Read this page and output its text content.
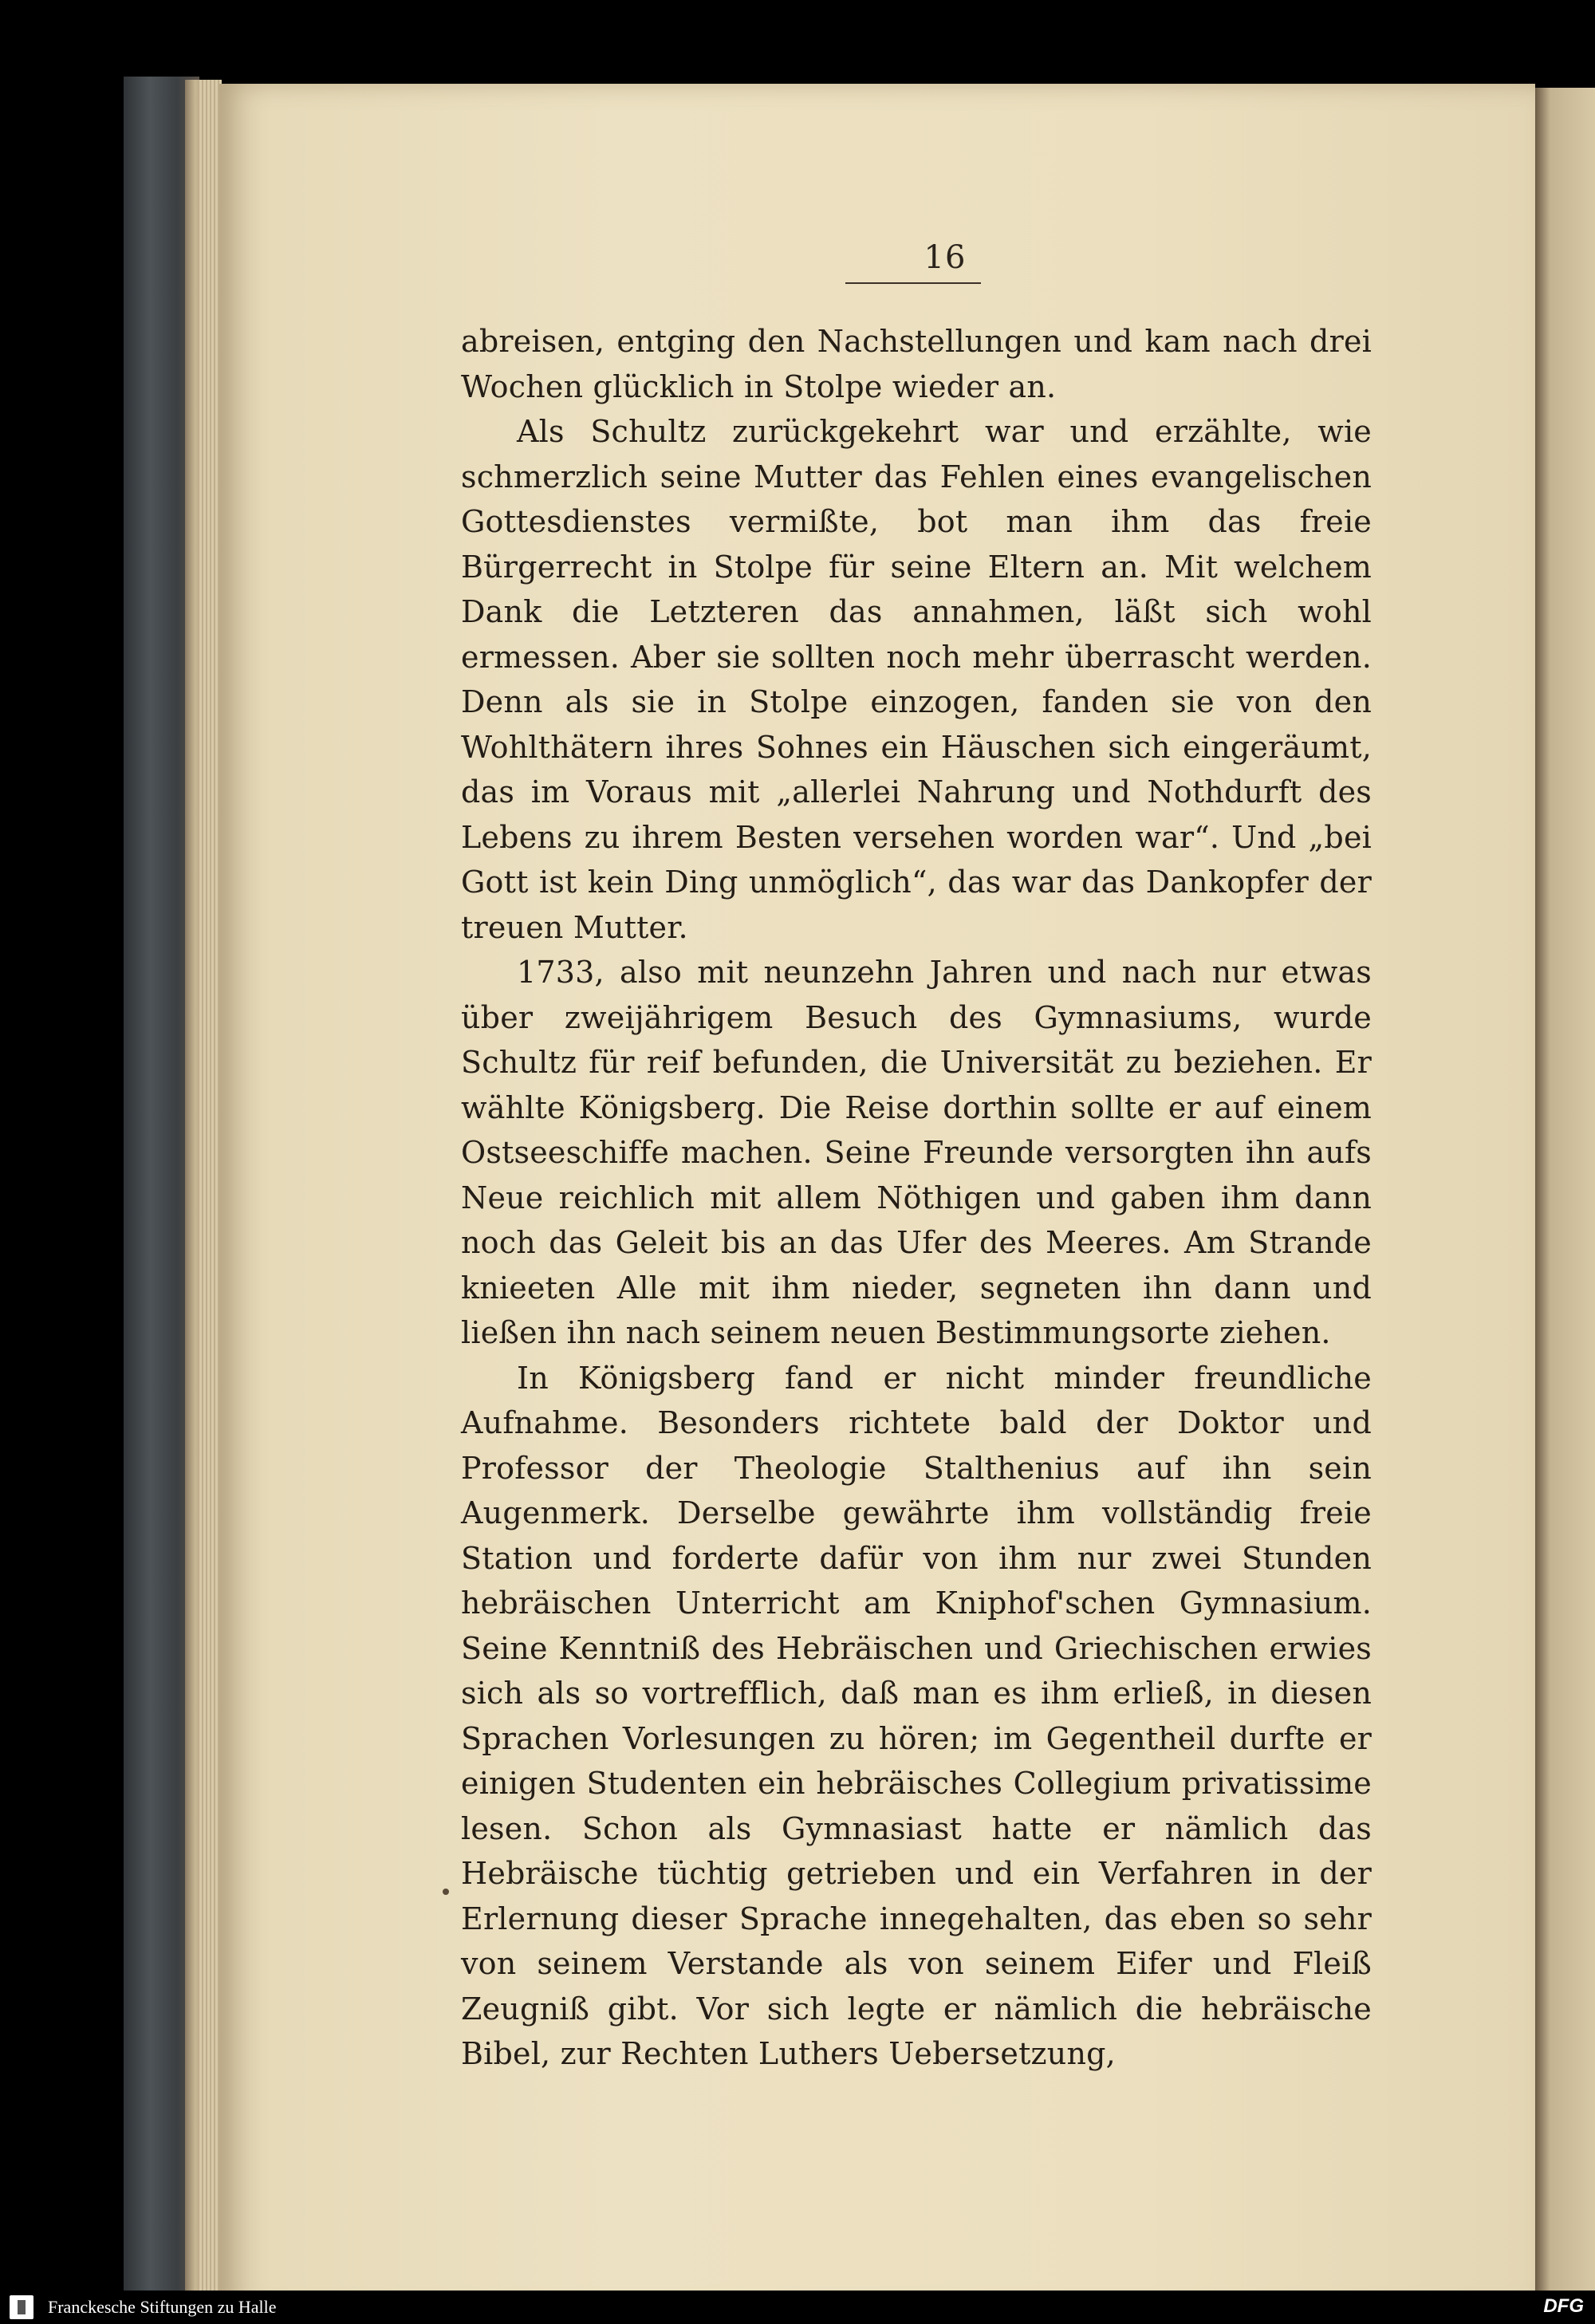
16

abreisen, entging den Nachstellungen und kam nach drei Wochen glücklich in Stolpe wieder an.

Als Schultz zurückgekehrt war und erzählte, wie schmerzlich seine Mutter das Fehlen eines evangelischen Gottesdienstes vermißte, bot man ihm das freie Bürgerrecht in Stolpe für seine Eltern an. Mit welchem Dank die Letzteren das annahmen, läßt sich wohl ermessen. Aber sie sollten noch mehr überrascht werden. Denn als sie in Stolpe einzogen, fanden sie von den Wohlthätern ihres Sohnes ein Häuschen sich eingeräumt, das im Voraus mit „allerlei Nahrung und Nothdurft des Lebens zu ihrem Besten versehen worden war“. Und „bei Gott ist kein Ding unmöglich“, das war das Dankopfer der treuen Mutter.

1733, also mit neunzehn Jahren und nach nur etwas über zweijährigem Besuch des Gymnasiums, wurde Schultz für reif befunden, die Universität zu beziehen. Er wählte Königsberg. Die Reise dorthin sollte er auf einem Ostseeschiffe machen. Seine Freunde versorgten ihn aufs Neue reichlich mit allem Nöthigen und gaben ihm dann noch das Geleit bis an das Ufer des Meeres. Am Strande knieeten Alle mit ihm nieder, segneten ihn dann und ließen ihn nach seinem neuen Bestimmungsorte ziehen.

In Königsberg fand er nicht minder freundliche Aufnahme. Besonders richtete bald der Doktor und Professor der Theologie Stalthenius auf ihn sein Augenmerk. Derselbe gewährte ihm vollständig freie Station und forderte dafür von ihm nur zwei Stunden hebräischen Unterricht am Kniphof'schen Gymnasium. Seine Kenntniß des Hebräischen und Griechischen erwies sich als so vortrefflich, daß man es ihm erließ, in diesen Sprachen Vorlesungen zu hören; im Gegentheil durfte er einigen Studenten ein hebräisches Collegium privatissime lesen. Schon als Gymnasiast hatte er nämlich das Hebräische tüchtig getrieben und ein Verfahren in der Erlernung dieser Sprache innegehalten, das eben so sehr von seinem Verstande als von seinem Eifer und Fleiß Zeugniß gibt. Vor sich legte er nämlich die hebräische Bibel, zur Rechten Luthers Uebersetzung,

Franckesche Stiftungen zu Halle	DFG
